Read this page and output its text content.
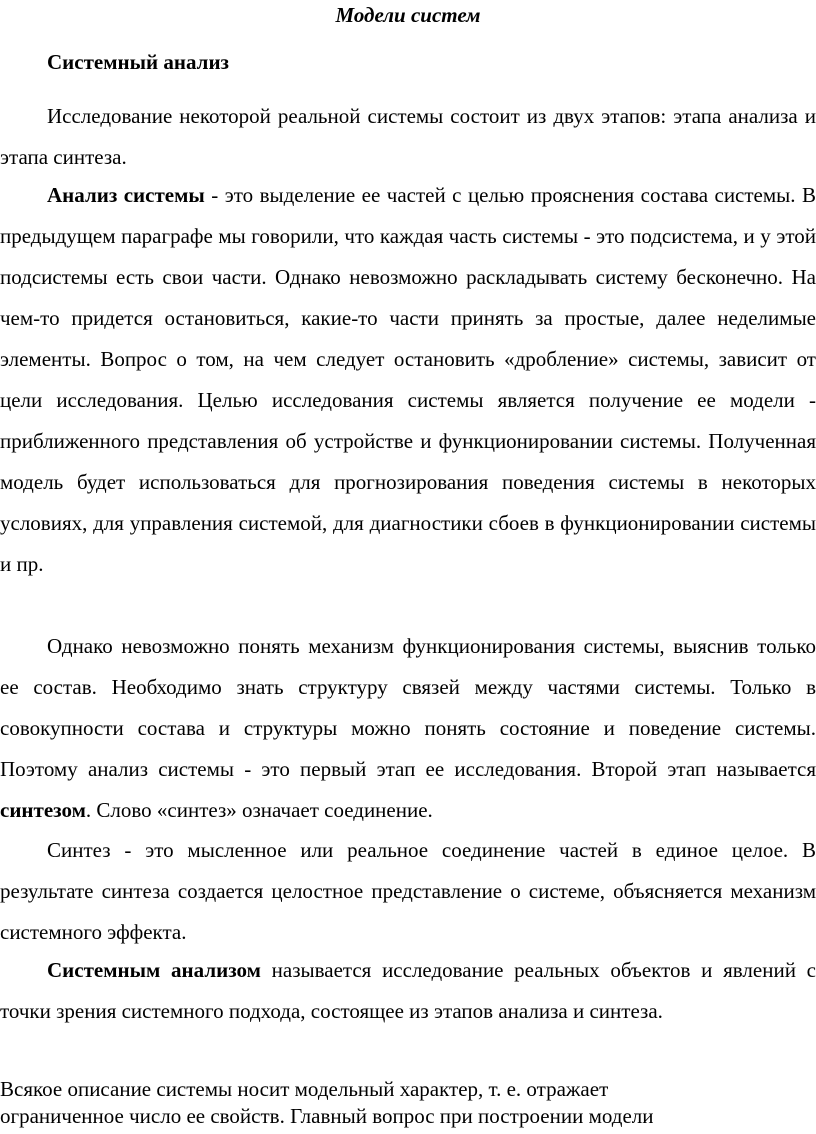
Модели систем
Системный анализ

Исследование некоторой реальной системы состоит из двух этапов: этапа анализа и этапа синтеза.

Анализ системы - это выделение ее частей с целью прояснения состава системы. В предыдущем параграфе мы говорили, что каждая часть системы - это подсистема, и у этой подсистемы есть свои части. Однако невозможно раскладывать систему бесконечно. На чем-то придется остановиться, какие-то части принять за простые, далее неделимые элементы. Вопрос о том, на чем следует остановить «дробление» системы, зависит от цели исследования. Целью исследования системы является получение ее модели - приближенного представления об устройстве и функционировании системы. Полученная модель будет использоваться для прогнозирования поведения системы в некоторых условиях, для управления системой, для диагностики сбоев в функционировании системы и пр.

Однако невозможно понять механизм функционирования системы, выяснив только ее состав. Необходимо знать структуру связей между частями системы. Только в совокупности состава и структуры можно понять состояние и поведение системы. Поэтому анализ системы - это первый этап ее исследования. Второй этап называется синтезом. Слово «синтез» означает соединение.

Синтез - это мысленное или реальное соединение частей в единое целое. В результате синтеза создается целостное представление о системе, объясняется механизм системного эффекта.

Системным анализом называется исследование реальных объектов и явлений с точки зрения системного подхода, состоящее из этапов анализа и синтеза.

Всякое описание системы носит модельный характер, т. е. отражает
ограниченное число ее свойств. Главный вопрос при построении модели
